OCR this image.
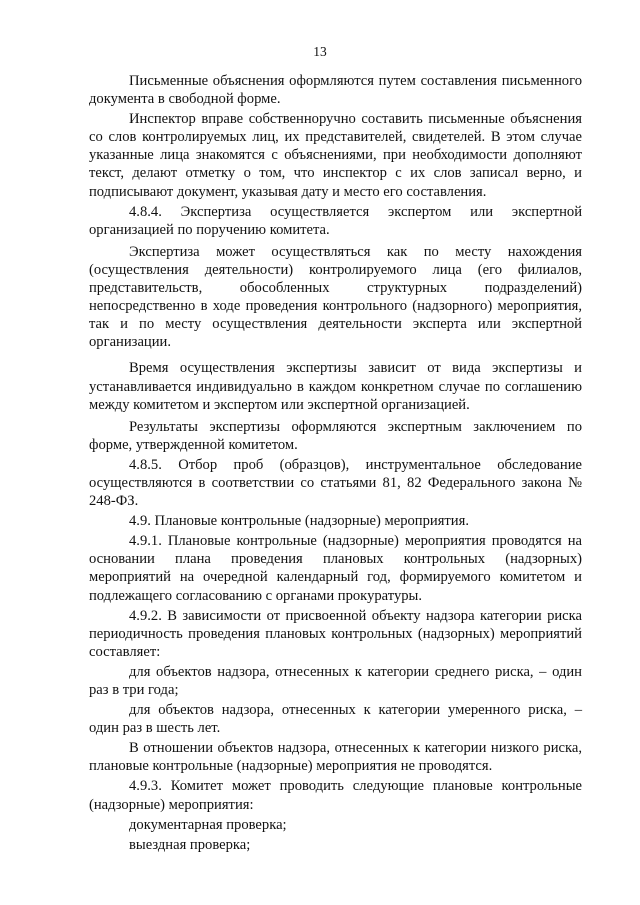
13

Письменные объяснения оформляются путем составления письменного документа в свободной форме.

Инспектор вправе собственноручно составить письменные объяснения со слов контролируемых лиц, их представителей, свидетелей. В этом случае указанные лица знакомятся с объяснениями, при необходимости дополняют текст, делают отметку о том, что инспектор с их слов записал верно, и подписывают документ, указывая дату и место его составления.

4.8.4. Экспертиза осуществляется экспертом или экспертной организацией по поручению комитета.

Экспертиза может осуществляться как по месту нахождения (осуществления деятельности) контролируемого лица (его филиалов, представительств, обособленных структурных подразделений) непосредственно в ходе проведения контрольного (надзорного) мероприятия, так и по месту осуществления деятельности эксперта или экспертной организации.

Время осуществления экспертизы зависит от вида экспертизы и устанавливается индивидуально в каждом конкретном случае по соглашению между комитетом и экспертом или экспертной организацией.

Результаты экспертизы оформляются экспертным заключением по форме, утвержденной комитетом.

4.8.5. Отбор проб (образцов), инструментальное обследование осуществляются в соответствии со статьями 81, 82 Федерального закона № 248-ФЗ.

4.9. Плановые контрольные (надзорные) мероприятия.

4.9.1. Плановые контрольные (надзорные) мероприятия проводятся на основании плана проведения плановых контрольных (надзорных) мероприятий на очередной календарный год, формируемого комитетом и подлежащего согласованию с органами прокуратуры.

4.9.2. В зависимости от присвоенной объекту надзора категории риска периодичность проведения плановых контрольных (надзорных) мероприятий составляет:

для объектов надзора, отнесенных к категории среднего риска, – один раз в три года;

для объектов надзора, отнесенных к категории умеренного риска, – один раз в шесть лет.

В отношении объектов надзора, отнесенных к категории низкого риска, плановые контрольные (надзорные) мероприятия не проводятся.

4.9.3. Комитет может проводить следующие плановые контрольные (надзорные) мероприятия:

документарная проверка;

выездная проверка;
